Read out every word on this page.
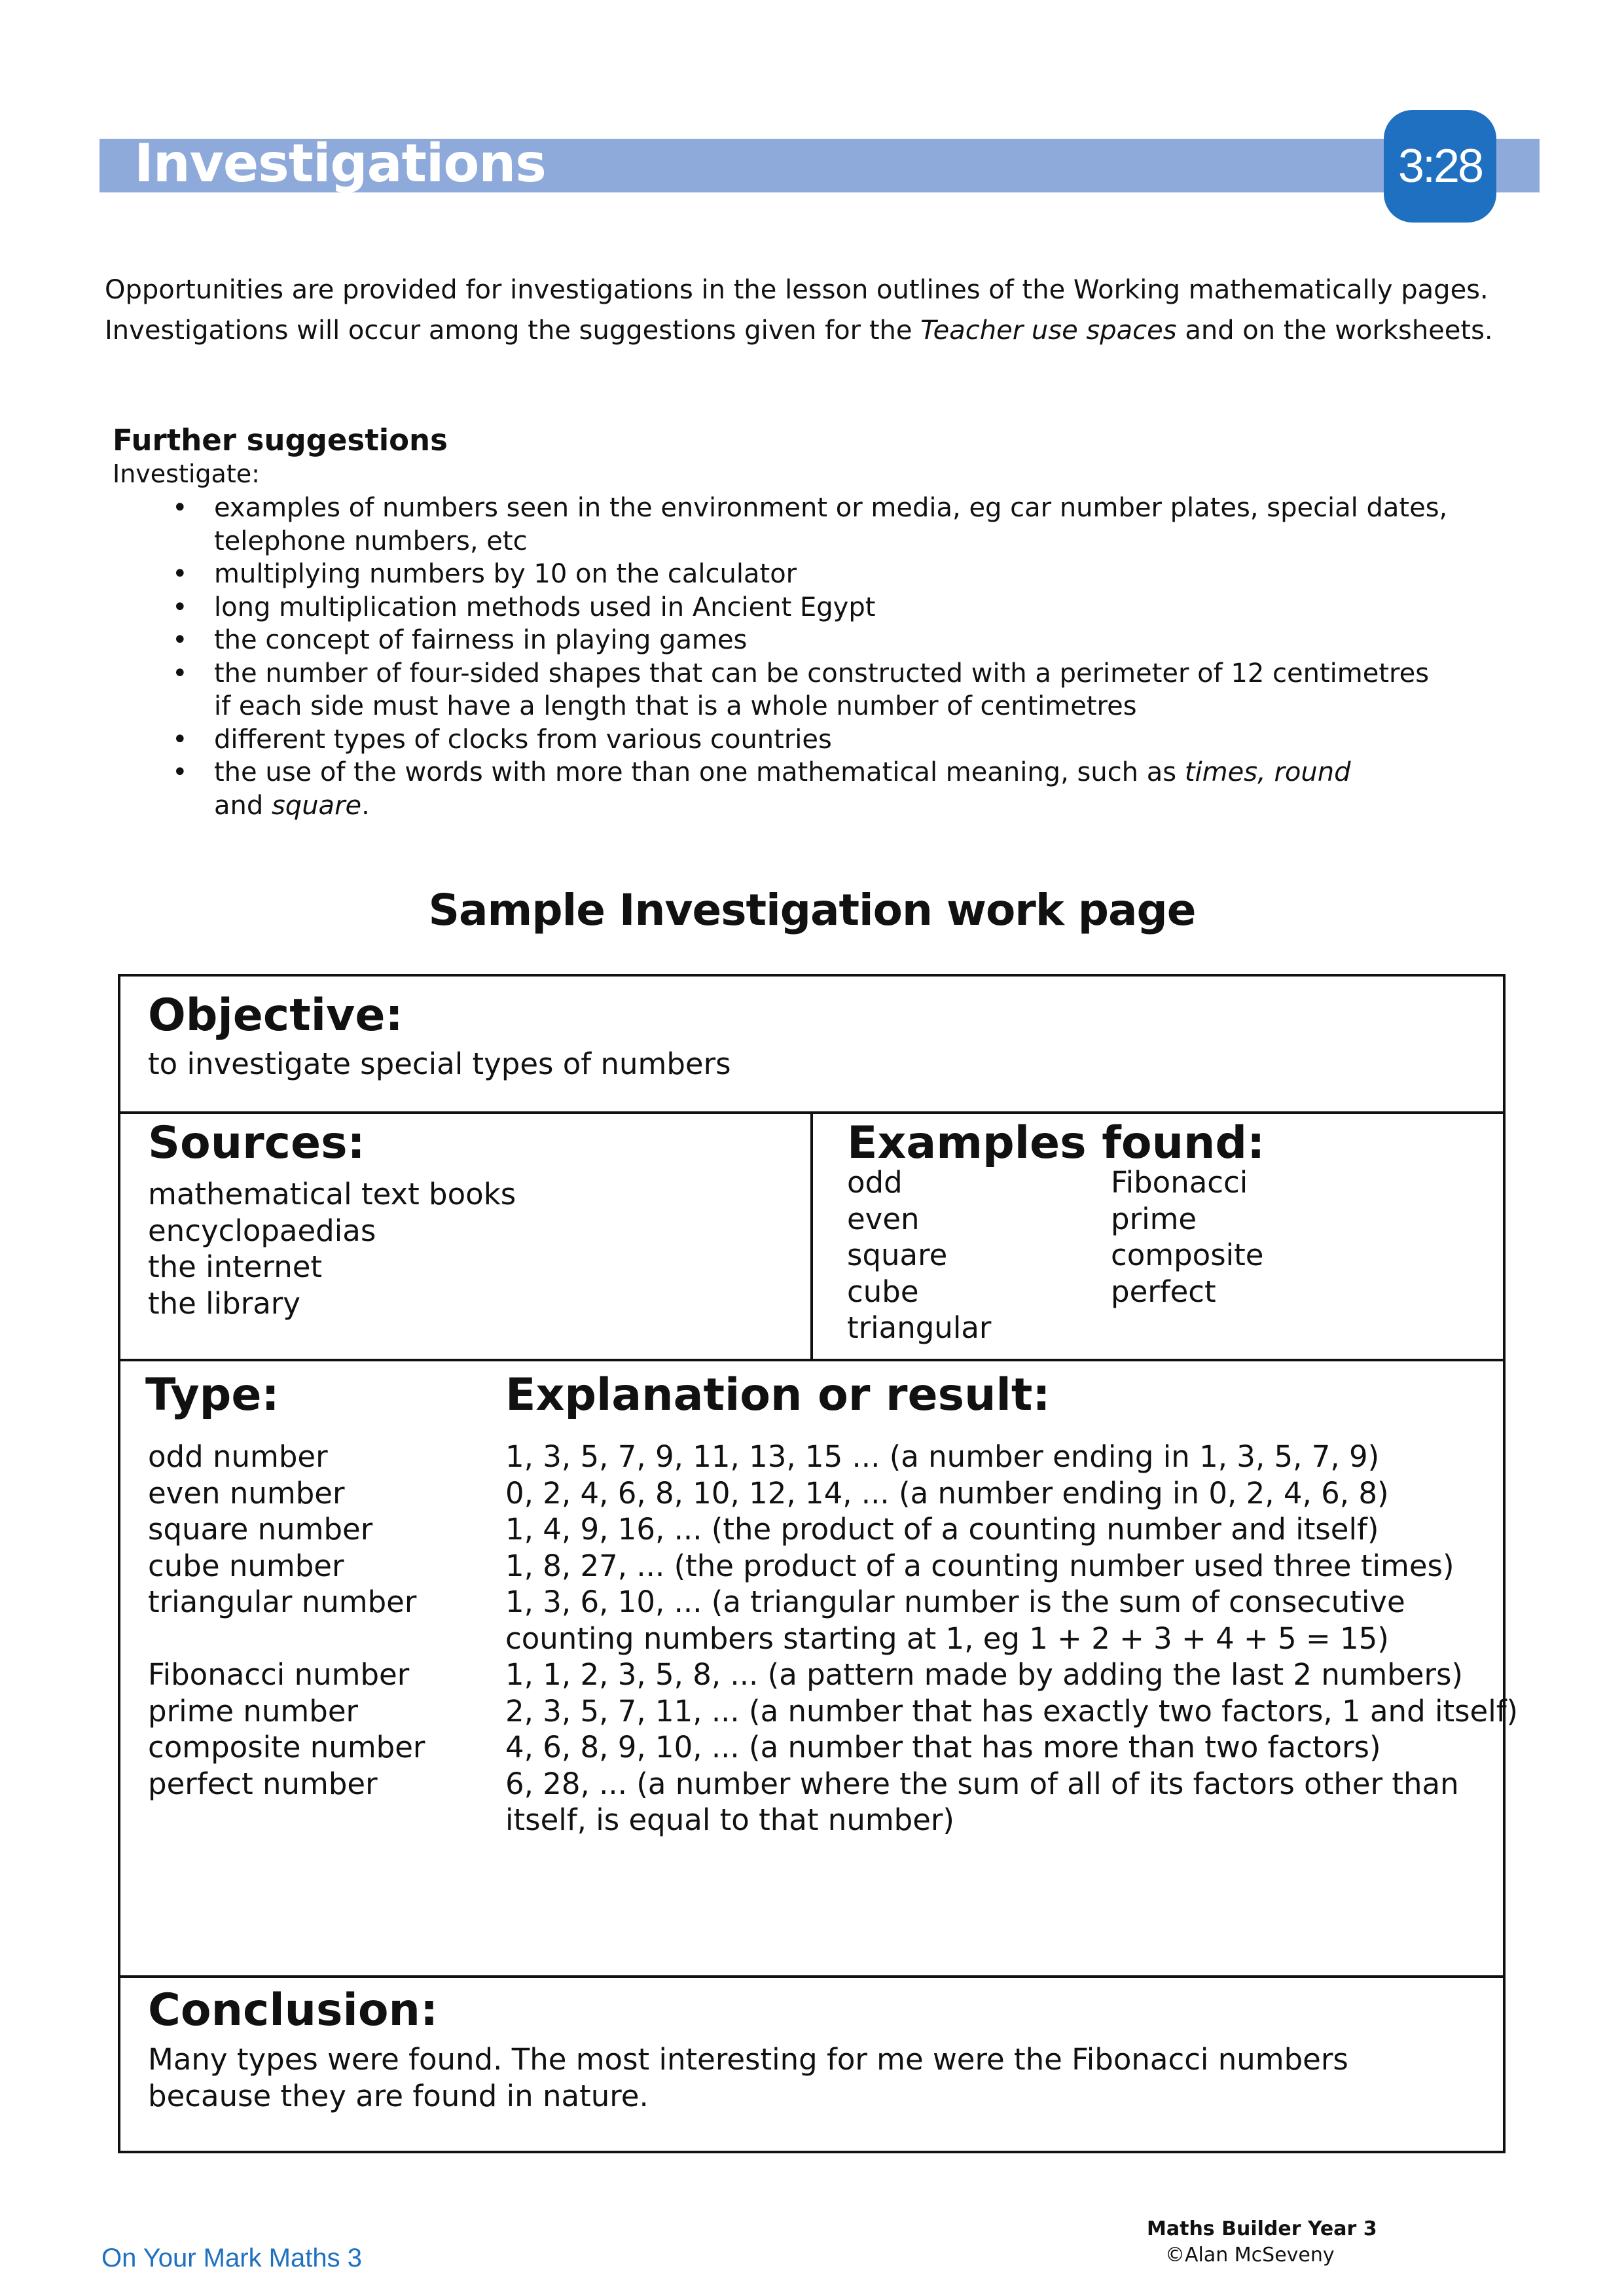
Investigations	3:28

Opportunities are provided for investigations in the lesson outlines of the Working mathematically pages.

Investigations will occur among the suggestions given for the Teacher use spaces and on the worksheets.

Further suggestions
Investigate:
• examples of numbers seen in the environment or media, eg car number plates, special dates,
telephone numbers, etc
• multiplying numbers by 10 on the calculator
• long multiplication methods used in Ancient Egypt
• the concept of fairness in playing games
• the number of four-sided shapes that can be constructed with a perimeter of 12 centimetres
if each side must have a length that is a whole number of centimetres
• different types of clocks from various countries
• the use of the words with more than one mathematical meaning, such as times, round
and square.
Sample Investigation work page
Objective:
to investigate special types of numbers
Sources:
mathematical text books
encyclopaedias
the internet
the library
Examples found:
odd
even
square
cube
triangular
Fibonacci
prime
composite
perfect
Type:	Explanation or result:
odd number
even number
square number
cube number
triangular number

Fibonacci number
prime number
composite number
perfect number
1, 3, 5, 7, 9, 11, 13, 15 ... (a number ending in 1, 3, 5, 7, 9)
0, 2, 4, 6, 8, 10, 12, 14, ... (a number ending in 0, 2, 4, 6, 8)
1, 4, 9, 16, ... (the product of a counting number and itself)
1, 8, 27, ... (the product of a counting number used three times)
1, 3, 6, 10, ... (a triangular number is the sum of consecutive
counting numbers starting at 1, eg 1 + 2 + 3 + 4 + 5 = 15)
1, 1, 2, 3, 5, 8, ... (a pattern made by adding the last 2 numbers)
2, 3, 5, 7, 11, ... (a number that has exactly two factors, 1 and itself)
4, 6, 8, 9, 10, ... (a number that has more than two factors)
6, 28, ... (a number where the sum of all of its factors other than
itself, is equal to that number)
Conclusion:
Many types were found. The most interesting for me were the Fibonacci numbers
because they are found in nature.
On Your Mark Maths 3
Maths Builder Year 3
©Alan McSeveny
